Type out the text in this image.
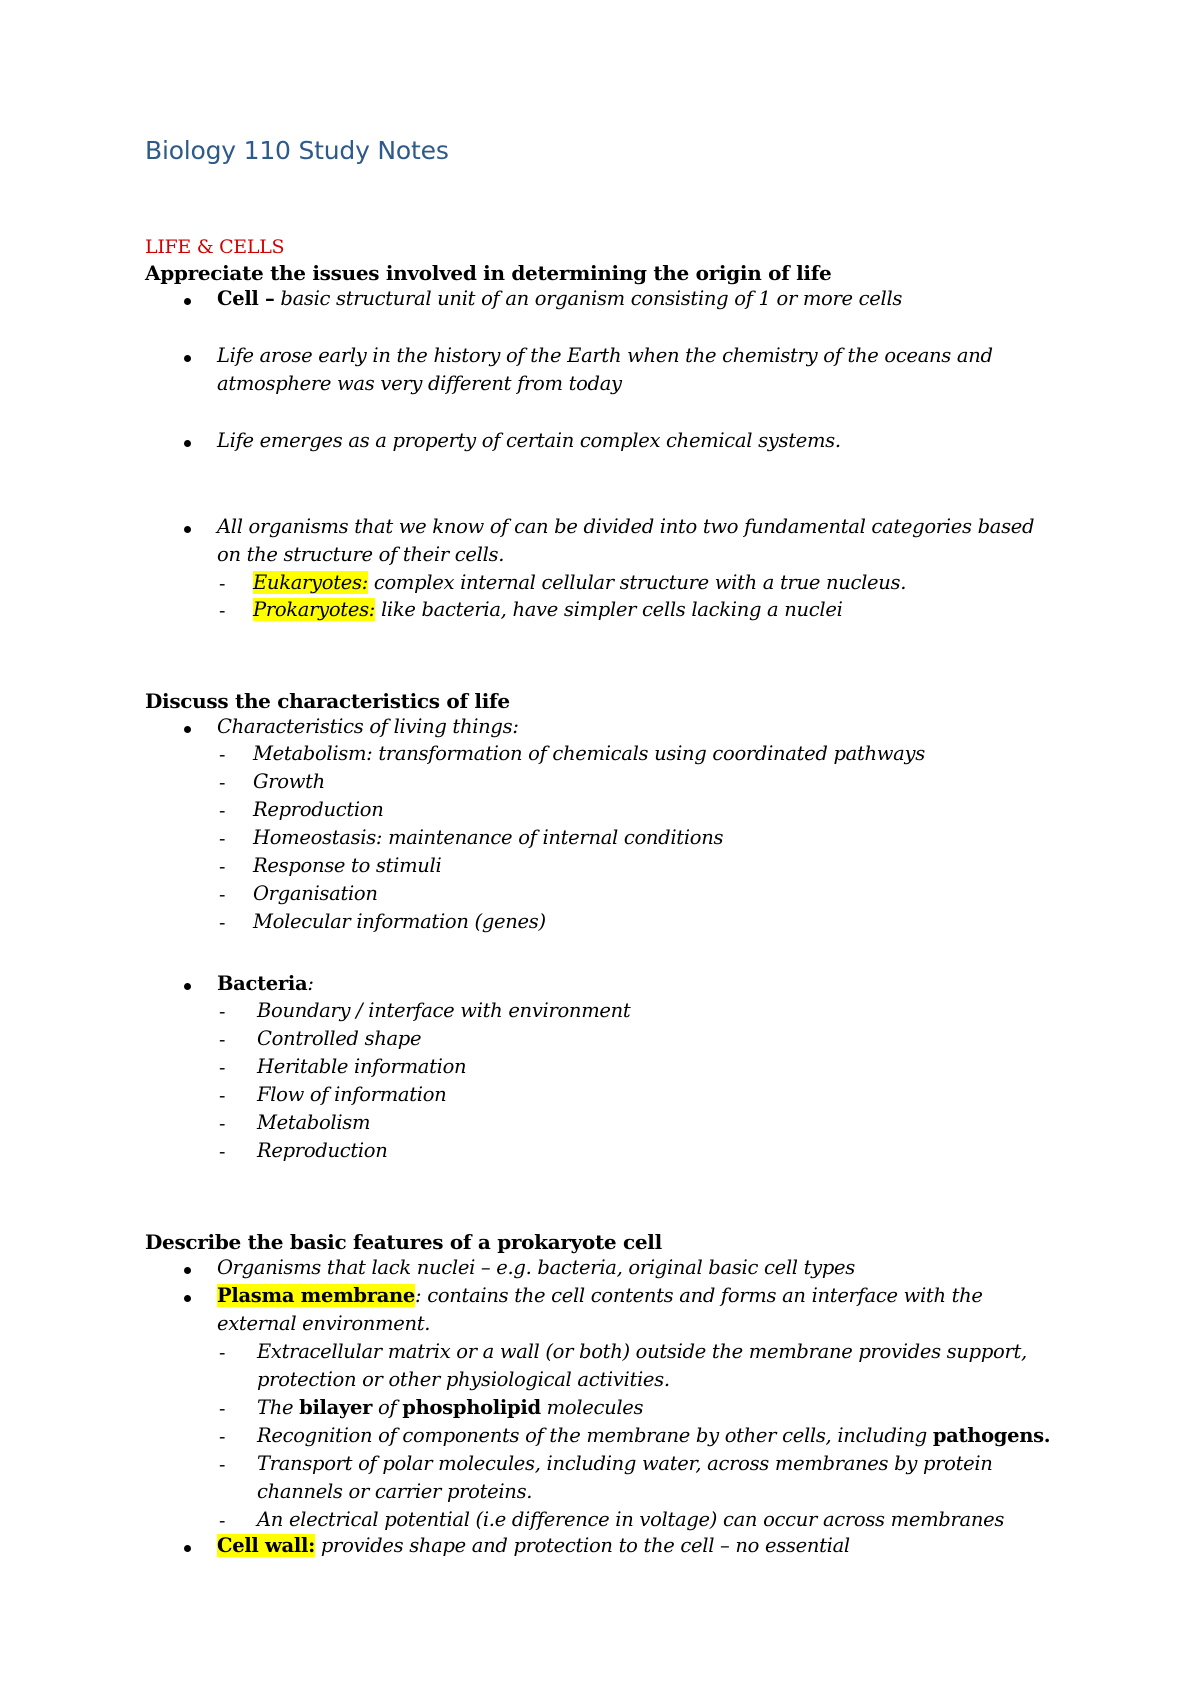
Biology 110 Study Notes
LIFE & CELLS
Appreciate the issues involved in determining the origin of life
Cell – basic structural unit of an organism consisting of 1 or more cells
Life arose early in the history of the Earth when the chemistry of the oceans and
atmosphere was very different from today
Life emerges as a property of certain complex chemical systems.
All organisms that we know of can be divided into two fundamental categories based
on the structure of their cells.
- Eukaryotes: complex internal cellular structure with a true nucleus.
- Prokaryotes: like bacteria, have simpler cells lacking a nuclei
Discuss the characteristics of life
Characteristics of living things:
- Metabolism: transformation of chemicals using coordinated pathways
- Growth
- Reproduction
- Homeostasis: maintenance of internal conditions
- Response to stimuli
- Organisation
- Molecular information (genes)
Bacteria:
- Boundary / interface with environment
- Controlled shape
- Heritable information
- Flow of information
- Metabolism
- Reproduction
Describe the basic features of a prokaryote cell
Organisms that lack nuclei – e.g. bacteria, original basic cell types
Plasma membrane: contains the cell contents and forms an interface with the
external environment.
- Extracellular matrix or a wall (or both) outside the membrane provides support,
protection or other physiological activities.
- The bilayer of phospholipid molecules
- Recognition of components of the membrane by other cells, including pathogens.
- Transport of polar molecules, including water, across membranes by protein
channels or carrier proteins.
- An electrical potential (i.e difference in voltage) can occur across membranes
Cell wall: provides shape and protection to the cell – no essential
